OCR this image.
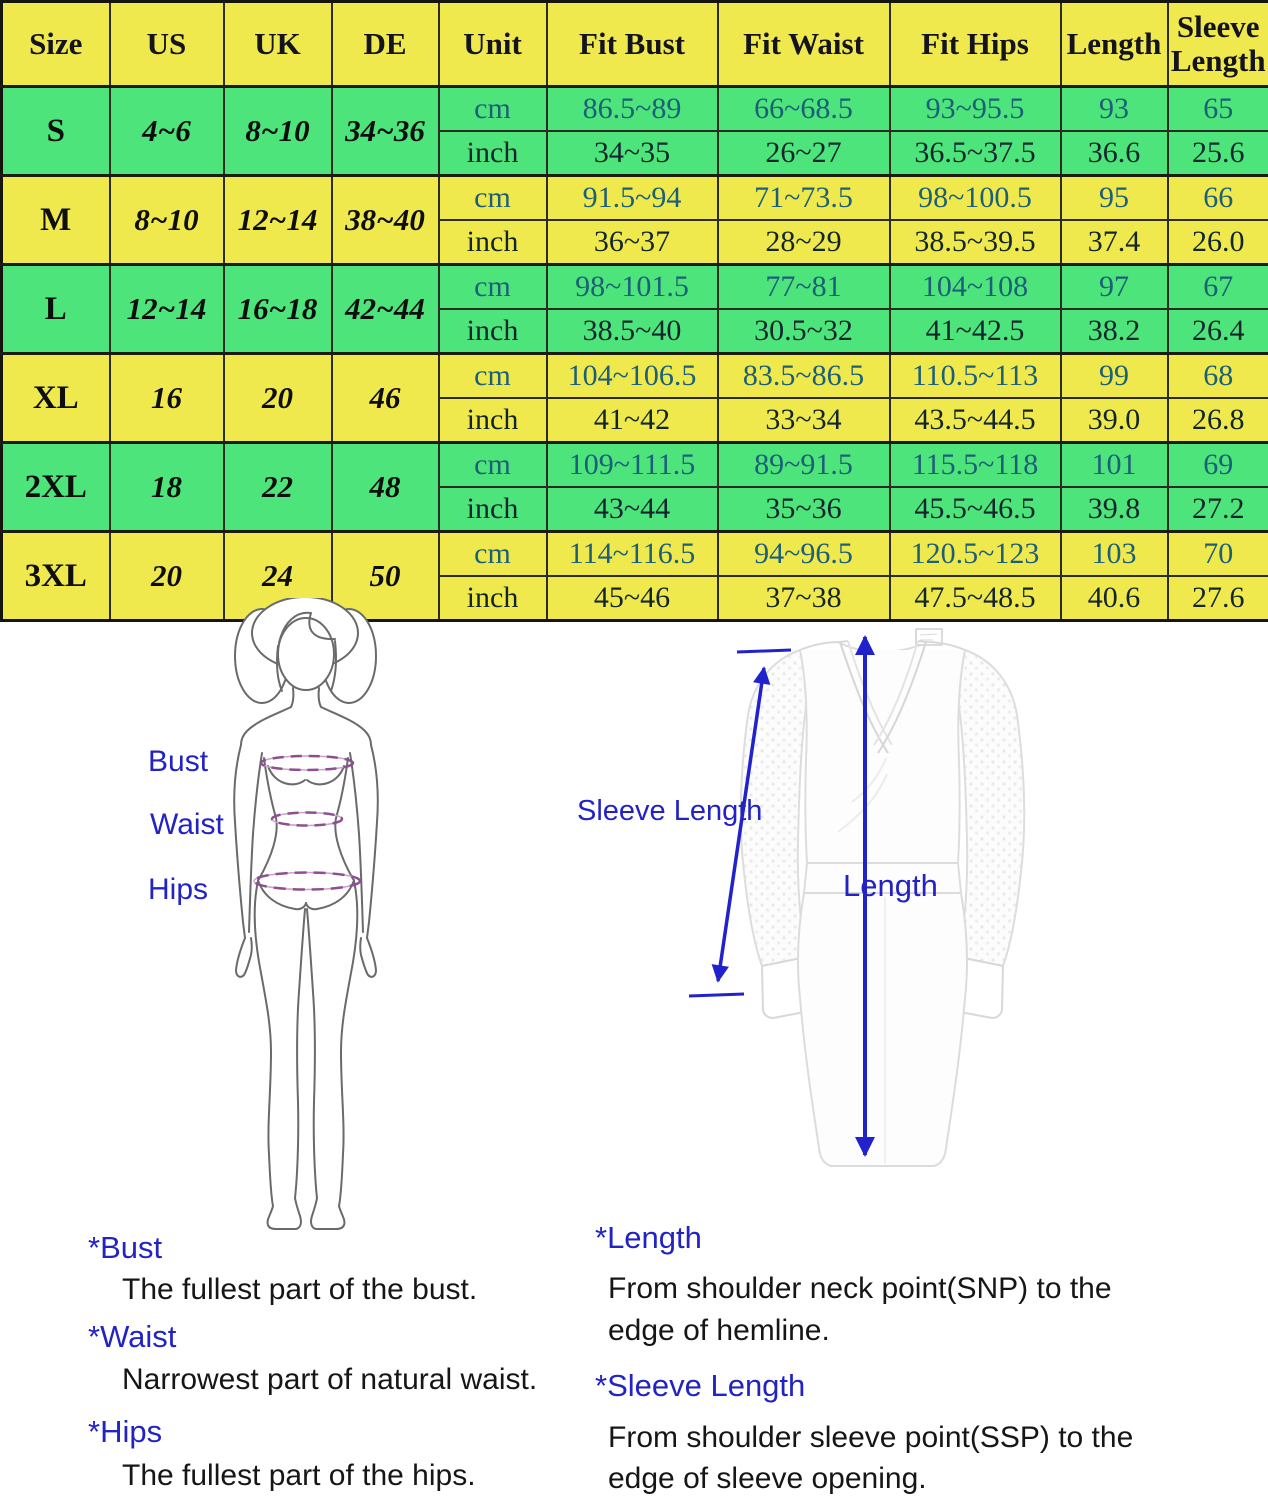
Size	US	UK	DE	Unit	Fit Bust	Fit Waist	Fit Hips	Length	Sleeve Length
S	4~6	8~10	34~36	cm	86.5~89	66~68.5	93~95.5	93	65
				inch	34~35	26~27	36.5~37.5	36.6	25.6
M	8~10	12~14	38~40	cm	91.5~94	71~73.5	98~100.5	95	66
				inch	36~37	28~29	38.5~39.5	37.4	26.0
L	12~14	16~18	42~44	cm	98~101.5	77~81	104~108	97	67
				inch	38.5~40	30.5~32	41~42.5	38.2	26.4
XL	16	20	46	cm	104~106.5	83.5~86.5	110.5~113	99	68
				inch	41~42	33~34	43.5~44.5	39.0	26.8
2XL	18	22	48	cm	109~111.5	89~91.5	115.5~118	101	69
				inch	43~44	35~36	45.5~46.5	39.8	27.2
3XL	20	24	50	cm	114~116.5	94~96.5	120.5~123	103	70
				inch	45~46	37~38	47.5~48.5	40.6	27.6
Bust
Waist
Hips
Sleeve Length
Length
*Bust
The fullest part of the bust.
*Waist
Narrowest part of natural waist.
*Hips
The fullest part of the hips.
*Length
From shoulder neck point(SNP) to the
edge of hemline.
*Sleeve Length
From shoulder sleeve point(SSP) to the
edge of sleeve opening.
